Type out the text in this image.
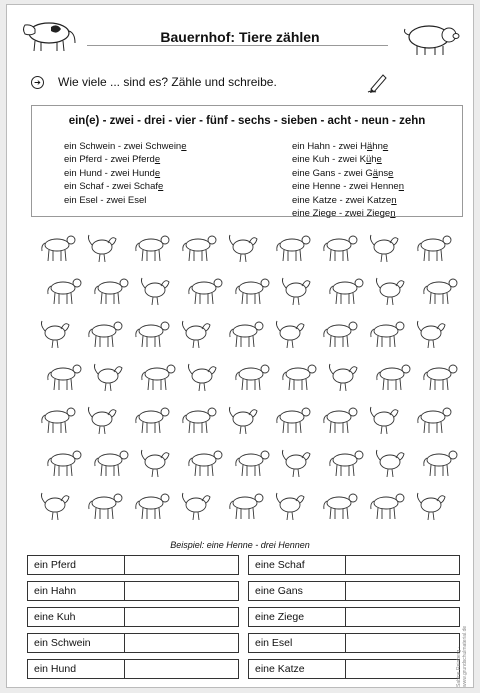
Bauernhof: Tiere zählen
➔ Wie viele ... sind es? Zähle und schreibe.
ein(e) - zwei - drei - vier - fünf - sechs - sieben - acht - neun - zehn
ein Schwein - zwei Schweine
ein Pferd - zwei Pferde
ein Hund - zwei Hunde
ein Schaf - zwei Schafe
ein Esel - zwei Esel
ein Hahn - zwei Hähne
eine Kuh - zwei Kühe
eine Gans - zwei Gänse
eine Henne - zwei Hennen
eine Katze - zwei Katzen
eine Ziege - zwei Ziegen
Beispiel: eine Henne - drei Hennen
ein Pferd
ein Hahn
eine Kuh
ein Schwein
ein Hund
eine Schaf
eine Gans
eine Ziege
ein Esel
eine Katze	Sabine Reinberg · www.grundschulmaterial.de
